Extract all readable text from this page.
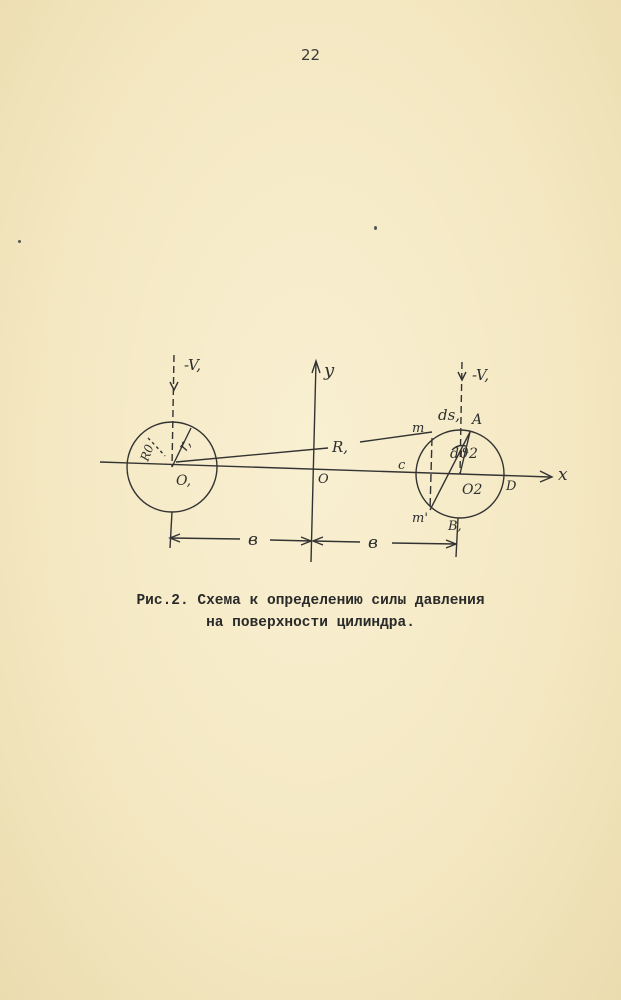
22
-V,
-V,
y
x
O
R,
O,
O2
r,
R0
m
m'
ds, A
dϑ2
c
D
B,
в	в
Рис.2. Схема к определению силы давления
на поверхности цилиндра.
